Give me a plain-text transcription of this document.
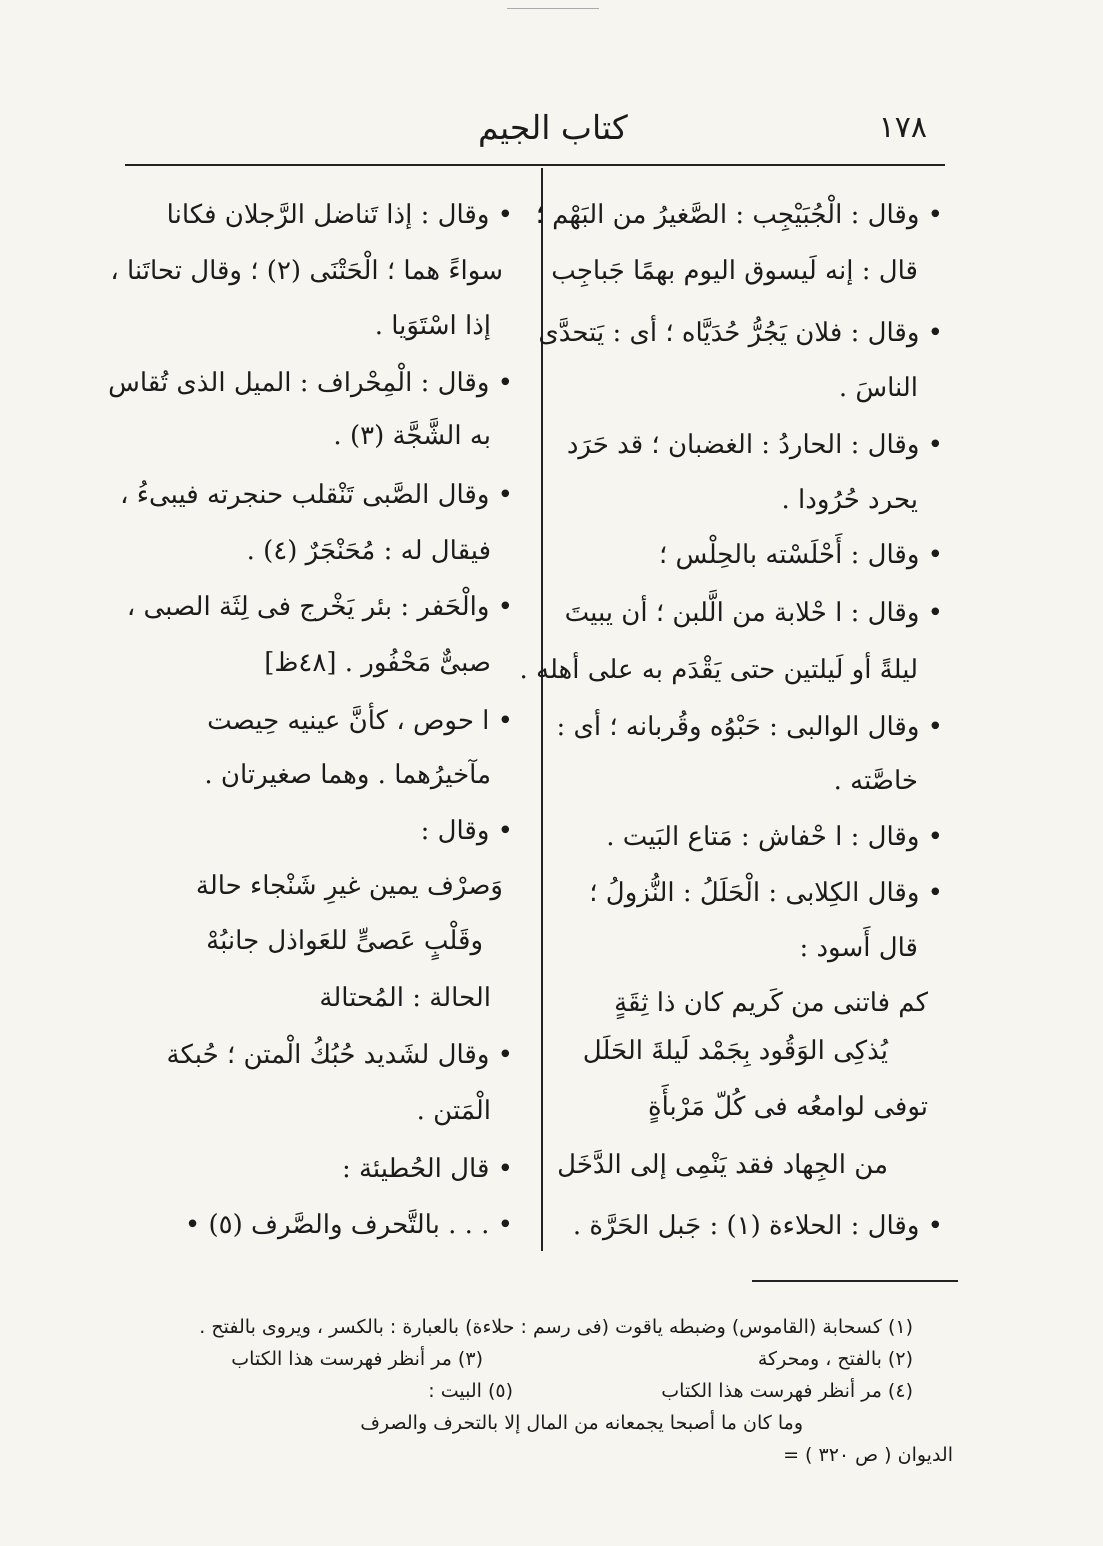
كتاب الجيم	١٧٨
• وقال : الْجُبَيْجِب : الصَّغيرُ من البَهْم ؛
قال : إنه لَيسوق اليوم بهمًا جَباجِب
• وقال : فلان يَجُرُّ حُدَيَّاه ؛ أى : يَتحدَّى
الناسَ .
• وقال : الحاردُ : الغضبان ؛ قد حَرَد
يحرد حُرُودا .
• وقال : أَحْلَسْته بالحِلْس ؛
• وقال : ا حْلابة من الَّلبن ؛ أن يبيتَ
ليلةً أو لَيلتين حتى يَقْدَم به على أهله .
• وقال الوالبى : حَبْوُه وقُربانه ؛ أى :
خاصَّته .
• وقال : ا حْفاش : مَتاع البَيت .
• وقال الكِلابى : الْحَلَلُ : النُّزولُ ؛
قال أَسود :
كم فاتنى من كَريم كان ذا ثِقَةٍ
يُذكِى الوَقُود بِجَمْد لَيلةَ الحَلَل
توفى لوامعُه فى كُلّ مَرْبأَةٍ
من الجِهاد فقد يَنْمِى إلى الدَّخَل
• وقال : الحلاءة (١) : جَبل الحَرَّة .
• وقال : إذا تَناضل الرَّجلان فكانا
سواءً هما ؛ الْحَتْنَى (٢) ؛ وقال تحاتَنا ،
إذا اسْتَوَيا .
• وقال : الْمِحْراف : الميل الذى تُقاس
به الشَّجَّة (٣) .
• وقال الصَّبى تَنْقلب حنجرته فيبىءُ ،
فيقال له : مُحَنْجَرٌ (٤) .
• والْحَفر : بئر يَخْرج فى لِثَة الصبى ،
صبىٌّ مَحْفُور . [٤٨ظ]
• ا حوص ، كأنَّ عينيه حِيصت
مآخيرُهما . وهما صغيرتان .
• وقال :
وَصرْف يمين غيرِ شَنْجاء حالة
وقَلْبٍ عَصىٍّ للعَواذل جانبُهْ
الحالة : المُحتالة
• وقال لشَديد حُبُكُ الْمتن ؛ حُبكة
الْمَتن .
• قال الحُطيئة :
• . . . بالتَّحرف والصَّرف (٥) •
(١) كسحابة (القاموس) وضبطه ياقوت (فى رسم : حلاءة) بالعبارة : بالكسر ، ويروى بالفتح .
(٢) بالفتح ، ومحركة
(٣) مر أنظر فهرست هذا الكتاب
(٤) مر أنظر فهرست هذا الكتاب
(٥) البيت :
وما كان ما أصبحا يجمعانه من المال إلا بالتحرف والصرف
الديوان ( ص ٣٢٠ ) =
